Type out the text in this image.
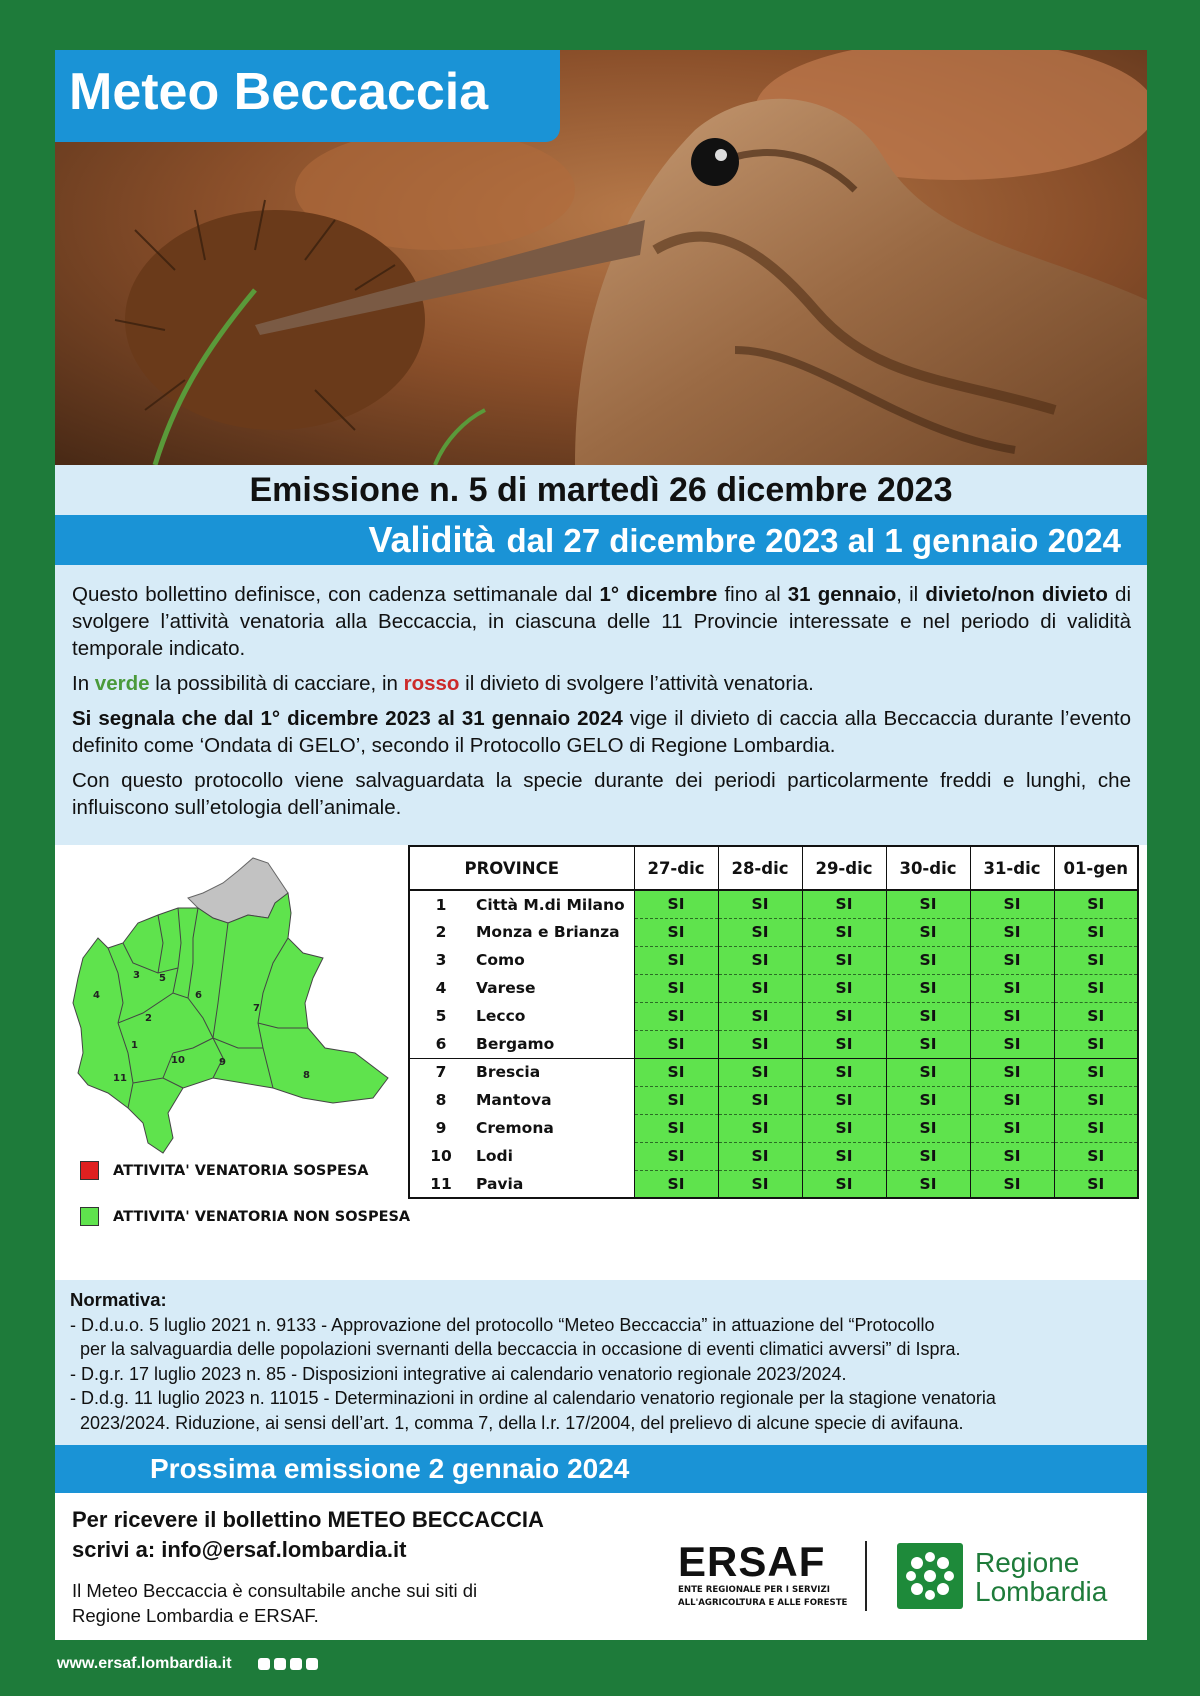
Meteo Beccaccia
Emissione n. 5 di martedì 26 dicembre 2023
Validità dal 27 dicembre 2023 al 1 gennaio 2024

Questo bollettino definisce, con cadenza settimanale dal 1° dicembre fino al 31 gennaio, il divieto/non divieto di svolgere l’attività venatoria alla Beccaccia, in ciascuna delle 11 Provincie interessate e nel periodo di validità temporale indicato.

In verde la possibilità di cacciare, in rosso il divieto di svolgere l’attività venatoria.

Si segnala che dal 1° dicembre 2023 al 31 gennaio 2024 vige il divieto di caccia alla Beccaccia durante l’evento definito come ‘Ondata di GELO’, secondo il Protocollo GELO di Regione Lombardia.

Con questo protocollo viene salvaguardata la specie durante dei periodi particolarmente freddi e lunghi, che influiscono sull’etologia dell’animale.

1
2
3
4
5
6
7
8
9
10
11
ATTIVITA' VENATORIA SOSPESA
ATTIVITA' VENATORIA NON SOSPESA
PROVINCE		27-dic	28-dic	29-dic	30-dic	31-dic	01-gen
1	Città M.di Milano	SI	SI	SI	SI	SI	SI
2	Monza e Brianza	SI	SI	SI	SI	SI	SI
3	Como	SI	SI	SI	SI	SI	SI
4	Varese	SI	SI	SI	SI	SI	SI
5	Lecco	SI	SI	SI	SI	SI	SI
6	Bergamo	SI	SI	SI	SI	SI	SI
7	Brescia	SI	SI	SI	SI	SI	SI
8	Mantova	SI	SI	SI	SI	SI	SI
9	Cremona	SI	SI	SI	SI	SI	SI
10	Lodi	SI	SI	SI	SI	SI	SI
11	Pavia	SI	SI	SI	SI	SI	SI
Normativa:
- D.d.u.o. 5 luglio 2021 n. 9133 - Approvazione del protocollo “Meteo Beccaccia” in attuazione del “Protocollo
per la salvaguardia delle popolazioni svernanti della beccaccia in occasione di eventi climatici avversi” di Ispra.
- D.g.r. 17 luglio 2023 n. 85 - Disposizioni integrative ai calendario venatorio regionale 2023/2024.
- D.d.g. 11 luglio 2023 n. 11015 - Determinazioni in ordine al calendario venatorio regionale per la stagione venatoria
2023/2024. Riduzione, ai sensi dell’art. 1, comma 7, della l.r. 17/2004, del prelievo di alcune specie di avifauna.
Prossima emissione 2 gennaio 2024
Per ricevere il bollettino METEO BECCACCIA
scrivi a: info@ersaf.lombardia.it
Il Meteo Beccaccia è consultabile anche sui siti di
Regione Lombardia e ERSAF.
ERSAF
ENTE REGIONALE PER I SERVIZI
ALL'AGRICOLTURA E ALLE FORESTE
Regione
Lombardia
www.ersaf.lombardia.it
